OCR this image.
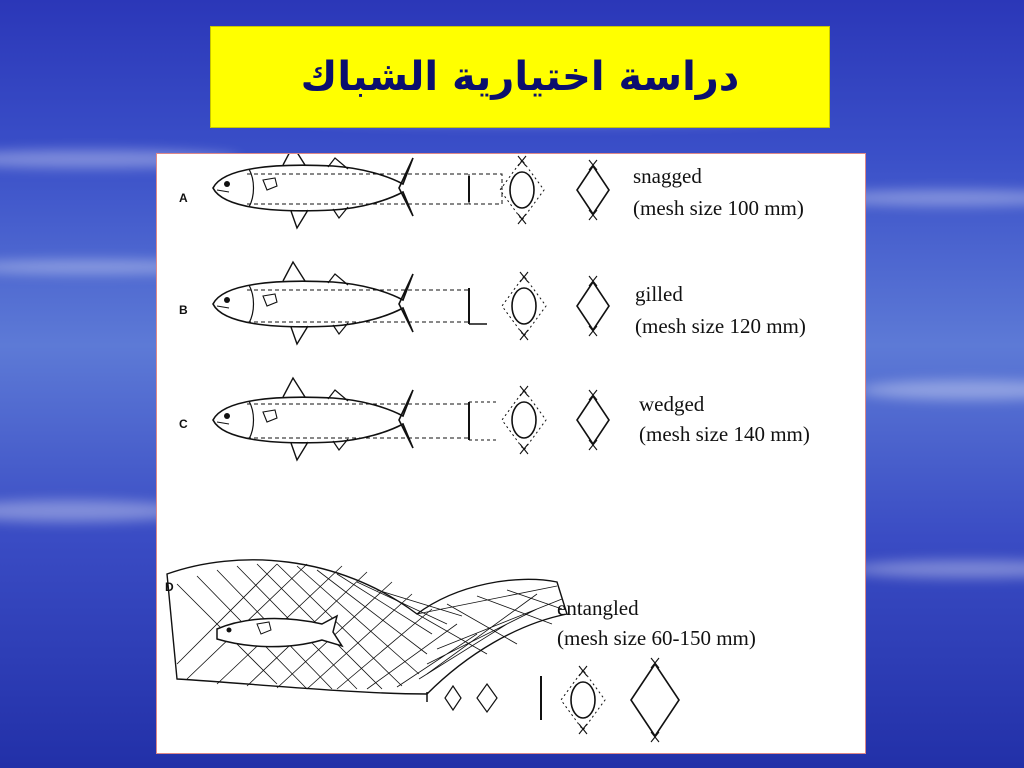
دراسة اختيارية الشباك
A
B
C
D
snagged
(mesh size 100 mm)
gilled
(mesh size 120 mm)
wedged
(mesh size 140 mm)
entangled
(mesh size 60-150 mm)
